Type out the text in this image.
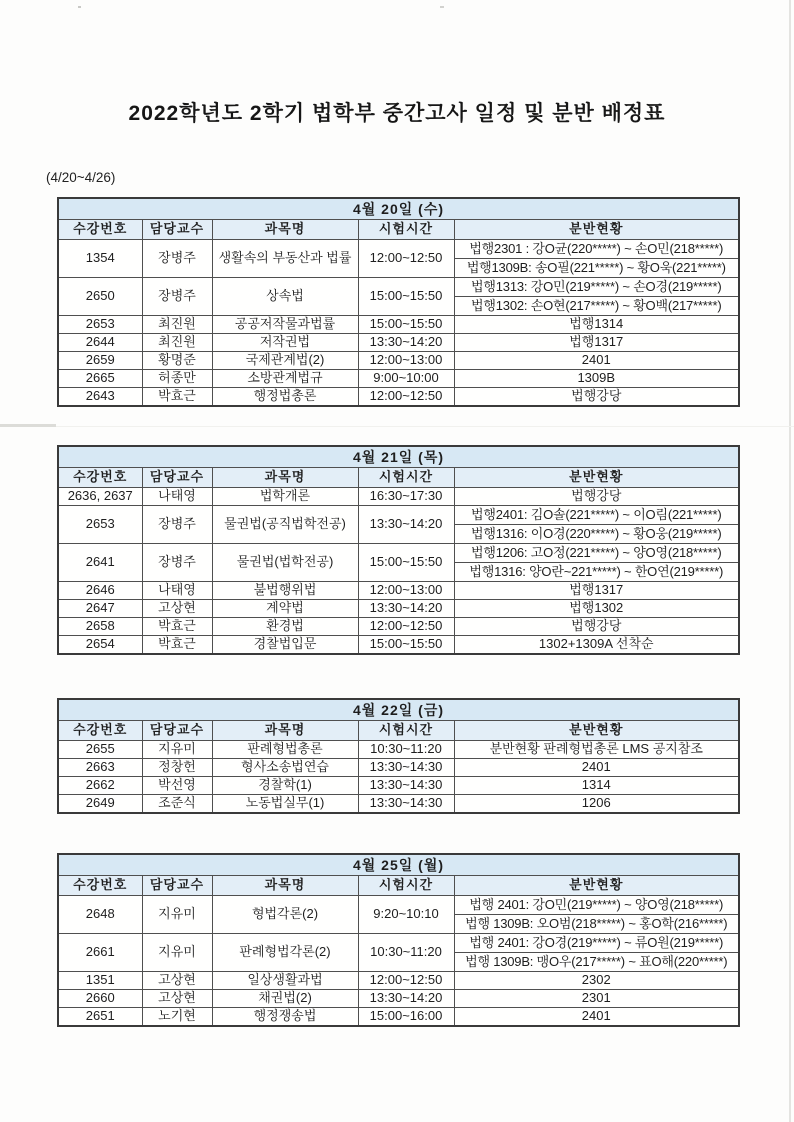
2022학년도 2학기 법학부 중간고사 일정 및 분반 배정표
(4/20~4/26)
4월 20일 (수)				
수강번호	담당교수	과목명	시험시간	분반현황
1354	장병주	생활속의 부동산과 법률	12:00~12:50	법행2301 : 강O균(220*****) ~ 손O민(218*****)
				법행1309B: 송O필(221*****) ~ 황O욱(221*****)
2650	장병주	상속법	15:00~15:50	법행1313: 강O민(219*****) ~ 손O경(219*****)
				법행1302: 손O현(217*****) ~ 황O백(217*****)
2653	최진원	공공저작물과법률	15:00~15:50	법행1314
2644	최진원	저작권법	13:30~14:20	법행1317
2659	황명준	국제관계법(2)	12:00~13:00	2401
2665	허종만	소방관계법규	9:00~10:00	1309B
2643	박효근	행정법총론	12:00~12:50	법행강당
4월 21일 (목)				
수강번호	담당교수	과목명	시험시간	분반현황
2636, 2637	나태영	법학개론	16:30~17:30	법행강당
2653	장병주	물권법(공직법학전공)	13:30~14:20	법행2401: 김O솔(221*****) ~ 이O림(221*****)
				법행1316: 이O경(220*****) ~ 황O웅(219*****)
2641	장병주	물권법(법학전공)	15:00~15:50	법행1206: 고O정(221*****) ~ 양O영(218*****)
				법행1316: 양O란~221*****) ~ 한O연(219*****)
2646	나태영	불법행위법	12:00~13:00	법행1317
2647	고상현	계약법	13:30~14:20	법행1302
2658	박효근	환경법	12:00~12:50	법행강당
2654	박효근	경찰법입문	15:00~15:50	1302+1309A 선착순
4월 22일 (금)				
수강번호	담당교수	과목명	시험시간	분반현황
2655	지유미	판례형법총론	10:30~11:20	분반현황 판례형법총론 LMS 공지참조
2663	정창헌	형사소송법연습	13:30~14:30	2401
2662	박선영	경찰학(1)	13:30~14:30	1314
2649	조준식	노동법실무(1)	13:30~14:30	1206
4월 25일 (월)				
수강번호	담당교수	과목명	시험시간	분반현황
2648	지유미	형법각론(2)	9:20~10:10	법행 2401: 강O민(219*****) ~ 양O영(218*****)
				법행 1309B: 오O범(218*****) ~ 홍O학(216*****)
2661	지유미	판례형법각론(2)	10:30~11:20	법행 2401: 강O경(219*****) ~ 류O원(219*****)
				법행 1309B: 맹O우(217*****) ~ 표O해(220*****)
1351	고상현	일상생활과법	12:00~12:50	2302
2660	고상현	채권법(2)	13:30~14:20	2301
2651	노기현	행정쟁송법	15:00~16:00	2401
